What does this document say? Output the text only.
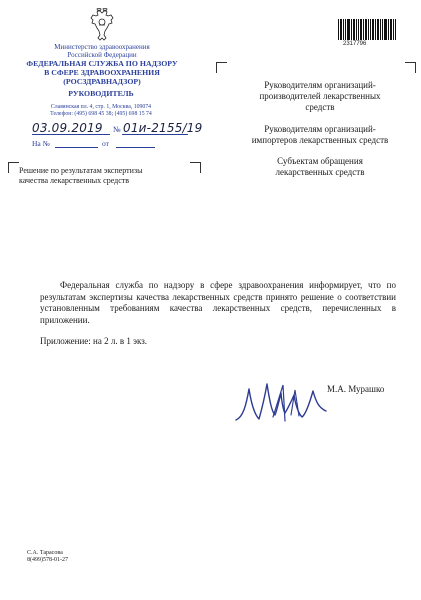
Министерство здравоохранения
Российской Федерации
ФЕДЕРАЛЬНАЯ СЛУЖБА ПО НАДЗОРУ
В СФЕРЕ ЗДРАВООХРАНЕНИЯ
(РОСЗДРАВНАДЗОР)
РУКОВОДИТЕЛЬ
Славянская пл. 4, стр. 1, Москва, 109074
Телефон: (495) 698 45 38; (495) 698 15 74
03.09.2019 № 01и-2155/19
На №	от
Решение по результатам экспертизы
качества лекарственных средств
2317796
Руководителям организаций-
производителей лекарственных
средств
Руководителям организаций-
импортеров лекарственных средств
Субъектам обращения
лекарственных средств

Федеральная служба по надзору в сфере здравоохранения информирует, что по результатам экспертизы качества лекарственных средств принято решение о соответствии установленным требованиям качества лекарственных средств, перечисленных в приложении.

Приложение: на 2 л. в 1 экз.
М.А. Мурашко
С.А. Тарасова
8(499)578-01-27
